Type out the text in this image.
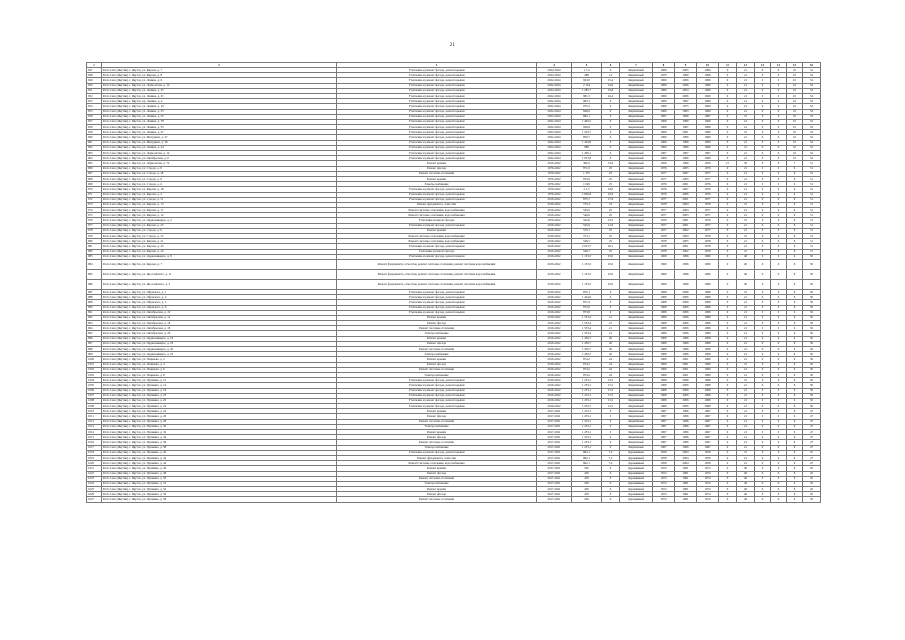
21
1	2	3	4	5	6	7	8	9	10	11	12	13	14	15	16
947	Респ.Саха (Якутия), г. Якутск, ул. Кирова, д. 7	Утепление и ремонт фасада, ремонт крыши	2022-2024	1 7,4	0	Кирпичный	1968	2005	1999	0	21	0	0	10	52
948	Респ.Саха (Якутия), г. Якутск, ул. Кирова, д. 8	Утепление и ремонт фасада, ремонт крыши	2022-2024	488	14	Кирпичный	1970	1999	1998	0	21	0	0	10	52
949	Респ.Саха (Якутия), г. Якутск, ул. Ленина, д. 6	Утепление и ремонт фасада, ремонт крыши	2022-2024	923,0	15,4	Кирпичный	1969	2006	1999	0	21	0	0	10	52
950	Респ.Саха (Якутия), г. Якутск, ул. Лермонтова, д. 14	Утепление и ремонт фасада, ремонт крыши	2022-2024	2 124	14,9	Кирпичный	1969	2006	1999	0	21	0	0	10	52
951	Респ.Саха (Якутия), г. Якутск, ул. Ленина, д. 25	Утепление и ремонт фасада, ремонт крыши	2022-2024	1 285,7	16,8	Кирпичный	1969	2004	1969	0	21	0	0	10	52
952	Респ.Саха (Якутия), г. Якутск, ул. Ленина, д. 31	Утепление и ремонт фасада, ремонт крыши	2022-2024	981,5	16,4	Кирпичный	1969	2006	1969	0	21	0	0	10	52
953	Респ.Саха (Якутия), г. Якутск, пр. Ленина, д. 4	Утепление и ремонт фасада, ремонт крыши	2022-2024	983,1	0	Кирпичный	1969	1997	1969	0	21	0	0	10	52
954	Респ.Саха (Якутия), г. Якутск, ул. Ленина, д. 10	Утепление и ремонт фасада, ремонт крыши	2022-2024	975,2	0	Кирпичный	1969	1975	1969	0	21	0	0	10	52
955	Респ.Саха (Якутия), г. Якутск, ул. Ленина, д. 35	Утепление и ремонт фасада, ремонт крыши	2022-2024	846,0	0	Кирпичный	1969	1993	1969	0	21	0	0	10	52
956	Респ.Саха (Якутия), г. Якутск, ул. Ленина, д. 52	Утепление и ремонт фасада, ремонт крыши	2022-2024	862,1	0	Кирпичный	1967	1966	1967	0	21	0	0	10	52
957	Респ.Саха (Якутия), г. Якутск, ул. Ленина, д. 78	Утепление и ремонт фасада, ремонт крыши	2022-2024	1 493,2	0	Кирпичный	1969	1999	1969	0	21	0	0	10	52
958	Респ.Саха (Якутия), г. Якутск, ул. Ленина, д. 35	Утепление и ремонт фасада, ремонт крыши	2022-2024	926,8	0	Кирпичный	1968	1997	1968	0	21	0	0	10	52
959	Респ.Саха (Якутия), г. Якутск, ул. Ленина, д. 47	Утепление и ремонт фасада, ремонт крыши	2022-2024	1 453,7	0	Кирпичный	1969	2001	1969	0	21	0	0	10	52
960	Респ.Саха (Якутия), г. Якутск, ул. Мичурина, д. 47	Утепление и ремонт фасада, ремонт крыши	2022-2024	856,7	0	Кирпичный	1969	1996	1969	0	21	0	0	10	52
961	Респ.Саха (Якутия), г. Якутск, ул. Мичурина, д. 36	Утепление и ремонт фасада, ремонт крыши	2022-2024	1 324,8	0	Кирпичный	1969	1996	1969	0	21	0	0	10	52
962	Респ.Саха (Якутия), г. Якутск, ул. Ленина, д. 44	Утепление и ремонт фасада, ремонт крыши	2022-2024	988	0	Кирпичный	1969	1996	1969	0	21	0	0	10	52
963	Респ.Саха (Якутия), г. Якутск, ул. Лермонтова, д. 14	Утепление и ремонт фасада, ремонт крыши	2022-2024	1 299,1	0	Кирпичный	1967	1997	1967	0	21	0	0	10	52
964	Респ.Саха (Якутия), г. Якутск, ул. Октябрьская, д. 6	Утепление и ремонт фасада, ремонт крыши	2022-2024	1 053,8	0	Кирпичный	1969	1996	1969	0	21	0	0	10	52
965	Респ.Саха (Якутия), г. Якутск, ул. Лермонтова, д. 72	Ремонт крыши	2016-2022	309,2	13,6	Кирпичный	1959	1999	1959	15	30	0	0	7	51
966	Респ.Саха (Якутия), г. Якутск, ул. Строда, д. 9	Ремонт фасада	1976-2022	871,0	25	Кирпичный	1976	2005	1976	0	21	0	0	6	51
967	Респ.Саха (Якутия), г. Якутск, ул. Строда, д. 18	Ремонт системы отопления	1976-2022	1 337	25	Кирпичный	1977	2007	1977	0	21	0	0	6	51
968	Респ.Саха (Якутия), г. Якутск, ул. Строда, д. 6	Ремонт крыши	1976-2022	873,9	25	Кирпичный	1977	2005	1977	0	21	0	0	6	51
969	Респ.Саха (Якутия), г. Якутск, ул. Строда, д. 4	Электроснабжение	1976-2022	1 026	25	Кирпичный	1976	2001	1976	0	21	0	0	6	51
970	Респ.Саха (Якутия), г. Якутск, ул. Кирова, д. 18	Утепление и ремонт фасада, ремонт крыши	1976-2022	2 1,7	18,0	Кирпичный	1976	2007	1976	0	21	0	0	6	51
971	Респ.Саха (Якутия), г. Якутск, ул. Кирова, д. 2	Утепление и ремонт фасада, ремонт крыши	1976-2022	1 826,8	16,6	Кирпичный	1976	2006	1976	0	21	0	0	6	51
972	Респ.Саха (Якутия), г. Якутск, ул. Строда, д. 11	Утепление и ремонт фасада, ремонт крыши	2016-2022	875,7	17,6	Кирпичный	1977	2001	1977	0	21	0	0	6	51
973	Респ.Саха (Якутия), г. Якутск, ул. Кирова, д. 13	Ремонт фундамента, отмостки	2016-2022	575,4	23	Кирпичный	1978	2004	1978	0	21	0	0	6	51
974	Респ.Саха (Якутия), г. Якутск, ул. Кирова, д. 17	Ремонт системы отопления, водоснабжения	2016-2022	545,6	25	Кирпичный	1977	2004	1977	0	21	0	0	6	51
975	Респ.Саха (Якутия), г. Якутск, ул. Кирова, д. 12	Ремонт системы отопления, водоснабжения	2016-2022	546,6	25	Кирпичный	1977	2003	1977	0	21	0	0	6	51
976	Респ.Саха (Якутия), г. Якутск, ул. Орджоникидзе, д. 2	Утепление и ремонт фасада	1976-2022	545,6	12,5	Кирпичный	1976	2001	1976	0	21	0	0	6	51
977	Респ.Саха (Якутия), г. Якутск, ул. Кирова, д. 25	Утепление и ремонт фасада, ремонт крыши	2016-2022	545,6	21,6	Кирпичный	1977	2001	1977	0	21	0	0	6	51
978	Респ.Саха (Якутия), г. Якутск, ул. Строда, д. 6	Ремонт крыши	2016-2022	570,1	25	Кирпичный	1977	2002	1977	0	21	0	0	6	51
979	Респ.Саха (Якутия), г. Якутск, ул. Строда, д. 15	Ремонт системы отопления, водоснабжения	2016-2022	573,1	25	Кирпичный	1978	2004	1978	0	21	0	0	6	51
980	Респ.Саха (Якутия), г. Якутск, ул. Кирова, д. 21	Ремонт системы отопления, водоснабжения	2016-2022	546,5	25	Кирпичный	1978	2005	1978	0	21	0	0	6	51
981	Респ.Саха (Якутия), г. Якутск, ул. Кирова, д. 23	Утепление и ремонт фасада, ремонт крыши	2016-2022	2 013,7	20,1	Кирпичный	1978	2001	1978	0	21	0	0	6	51
982	Респ.Саха (Якутия), г. Якутск, ул. Кирова, д. 24	Утепление и ремонт фасада	2016-2022	546,7	25	Кирпичный	1978	2002	1978	0	21	0	0	6	51
983	Респ.Саха (Якутия), г. Якутск, ул. Орджоникидзе, д. 8	Утепление и ремонт фасада, ремонт крыши	2016-2022	1 153,3	25,0	Кирпичный	1969	1996	1969	0	40	0	0	6	50
984	Респ.Саха (Якутия), г. Якутск, ул. Кирова, д. 7	Ремонт фундамента, отмостки, ремонт системы отопления, ремонт системы водоснабжения	2016-2022	1 153,3	25,0	Кирпичный	1969	1996	1969	0	40	0	0	6	50
985	Респ.Саха (Якутия), г. Якутск, ул. Ярославского, д. 11	Ремонт фундамента, отмостки, ремонт системы отопления, ремонт системы водоснабжения	2016-2022	1 153,3	25,0	Кирпичный	1969	1996	1969	0	40	0	0	6	50
986	Респ.Саха (Якутия), г. Якутск, ул. Ярославского, д. 3	Ремонт фундамента, отмостки, ремонт системы отопления, ремонт системы водоснабжения	2016-2022	1 153,3	25,0	Кирпичный	1969	1996	1969	0	40	0	0	6	50
987	Респ.Саха (Якутия), г. Якутск, ул. Ойунского, д. 1	Утепление и ремонт фасада, ремонт крыши	2016-2022	870,1	0	Кирпичный	1968	2006	1968	0	21	0	0	6	50
988	Респ.Саха (Якутия), г. Якутск, ул. Ойунского, д. 4	Утепление и ремонт фасада, ремонт крыши	2016-2022	1 424,6	0	Кирпичный	1968	2006	1968	0	21	0	0	6	50
989	Респ.Саха (Якутия), г. Якутск, ул. Ойунского, д. 5	Утепление и ремонт фасада, ремонт крыши	2016-2022	871,9	0	Кирпичный	1968	2006	1968	0	21	0	0	6	50
990	Респ.Саха (Якутия), г. Якутск, ул. Ойунского, д. 6	Утепление и ремонт фасада, ремонт крыши	2016-2022	872,6	0	Кирпичный	1968	2006	1968	0	21	0	0	6	50
991	Респ.Саха (Якутия), г. Якутск, ул. Октябрьская, д. 10	Утепление и ремонт фасада, ремонт крыши	2016-2022	873,8	0	Кирпичный	1968	2006	1968	0	21	0	0	6	50
992	Респ.Саха (Якутия), г. Якутск, ул. Октябрьская, д. 14	Ремонт крыши	2016-2022	1 553,4	21	Кирпичный	1968	2006	1968	0	21	0	0	6	50
993	Респ.Саха (Якутия), г. Якутск, ул. Октябрьская, д. 16	Ремонт фасада	2016-2022	1 553,4	21	Кирпичный	1968	2006	1968	0	21	0	0	6	50
994	Респ.Саха (Якутия), г. Якутск, ул. Октябрьская, д. 18	Ремонт системы отопления	2016-2022	1 553,4	21	Кирпичный	1968	2006	1968	0	21	0	0	6	50
995	Респ.Саха (Якутия), г. Якутск, ул. Октябрьская, д. 20	Электроснабжение	2016-2022	1 553,4	21	Кирпичный	1968	2006	1968	0	21	0	0	6	50
996	Респ.Саха (Якутия), г. Якутск, ул. Орджоникидзе, д. 16	Ремонт крыши	2016-2022	1 459,7	20	Кирпичный	1968	1996	1968	0	21	0	0	6	50
997	Респ.Саха (Якутия), г. Якутск, ул. Орджоникидзе, д. 18	Ремонт фасада	2016-2022	1 459,7	20	Кирпичный	1968	1996	1968	0	21	0	0	6	50
998	Респ.Саха (Якутия), г. Якутск, ул. Орджоникидзе, д. 20	Ремонт системы отопления	2016-2022	1 459,7	20	Кирпичный	1968	1996	1968	0	21	0	0	6	50
999	Респ.Саха (Якутия), г. Якутск, ул. Орджоникидзе, д. 22	Электроснабжение	2016-2022	1 459,7	20	Кирпичный	1968	1996	1968	0	21	0	0	6	50
1000	Респ.Саха (Якутия), г. Якутск, ул. Пояркова, д. 2	Ремонт крыши	2016-2022	874,2	24	Кирпичный	1969	2001	1969	0	21	0	0	6	50
1001	Респ.Саха (Якутия), г. Якутск, ул. Пояркова, д. 4	Ремонт фасада	2016-2022	874,2	24	Кирпичный	1969	2001	1969	0	21	0	0	6	50
1002	Респ.Саха (Якутия), г. Якутск, ул. Пояркова, д. 6	Ремонт системы отопления	2016-2022	874,2	24	Кирпичный	1969	2001	1969	0	21	0	0	6	50
1003	Респ.Саха (Якутия), г. Якутск, ул. Пояркова, д. 8	Электроснабжение	2016-2022	874,2	24	Кирпичный	1969	2001	1969	0	21	0	0	6	50
1004	Респ.Саха (Якутия), г. Якутск, ул. Пушкина, д. 12	Утепление и ремонт фасада, ремонт крыши	2016-2022	1 253,1	15,5	Кирпичный	1968	2006	1968	0	21	0	0	6	50
1005	Респ.Саха (Якутия), г. Якутск, ул. Пушкина, д. 14	Утепление и ремонт фасада, ремонт крыши	2016-2022	1 253,1	15,5	Кирпичный	1968	2006	1968	0	21	0	0	6	50
1006	Респ.Саха (Якутия), г. Якутск, ул. Пушкина, д. 16	Утепление и ремонт фасада, ремонт крыши	2016-2022	1 253,1	15,5	Кирпичный	1968	2006	1968	0	21	0	0	6	50
1007	Респ.Саха (Якутия), г. Якутск, ул. Пушкина, д. 18	Утепление и ремонт фасада, ремонт крыши	2016-2022	1 253,1	15,5	Кирпичный	1968	2006	1968	0	21	0	0	6	50
1008	Респ.Саха (Якутия), г. Якутск, ул. Пушкина, д. 20	Утепление и ремонт фасада, ремонт крыши	2016-2022	1 253,1	15,5	Кирпичный	1968	2006	1968	0	21	0	0	6	50
1009	Респ.Саха (Якутия), г. Якутск, ул. Пушкина, д. 22	Утепление и ремонт фасада, ремонт крыши	2016-2022	1 253,1	15,5	Кирпичный	1968	2006	1968	0	21	0	0	6	50
1010	Респ.Саха (Якутия), г. Якутск, ул. Пушкина, д. 24	Ремонт крыши	2017-2021	1 253,1	0	Кирпичный	1967	1996	1967	0	21	0	0	6	47
1011	Респ.Саха (Якутия), г. Якутск, ул. Пушкина, д. 26	Ремонт фасада	2017-2021	1 253,1	0	Кирпичный	1967	1996	1967	0	21	0	0	6	47
1012	Респ.Саха (Якутия), г. Якутск, ул. Пушкина, д. 28	Ремонт системы отопления	2017-2021	1 253,1	0	Кирпичный	1967	1996	1967	0	21	0	0	6	47
1013	Респ.Саха (Якутия), г. Якутск, ул. Пушкина, д. 30	Электроснабжение	2017-2021	1 253,1	0	Кирпичный	1967	1996	1967	0	21	0	0	6	47
1014	Респ.Саха (Якутия), г. Якутск, ул. Пушкина, д. 32	Ремонт крыши	2017-2021	1 253,1	0	Кирпичный	1967	1996	1967	0	21	0	0	6	47
1015	Респ.Саха (Якутия), г. Якутск, ул. Пушкина, д. 34	Ремонт фасада	2017-2021	1 253,1	0	Кирпичный	1967	1996	1967	0	21	0	0	6	47
1016	Респ.Саха (Якутия), г. Якутск, ул. Пушкина, д. 36	Ремонт системы отопления	2017-2021	1 253,1	0	Кирпичный	1967	1996	1967	0	21	0	0	6	47
1017	Респ.Саха (Якутия), г. Якутск, ул. Пушкина, д. 38	Электроснабжение	2017-2021	1 253,1	0	Кирпичный	1967	1996	1967	0	21	0	0	6	47
1018	Респ.Саха (Якутия), г. Якутск, ул. Пушкина, д. 40	Утепление и ремонт фасада, ремонт крыши	2017-2021	862,1	7,2	Деревянный	1958	2004	1958	0	21	0	0	6	47
1019	Респ.Саха (Якутия), г. Якутск, ул. Пушкина, д. 42	Ремонт фундамента, отмостки	2017-2021	862,1	7,2	Деревянный	1958	2004	1958	0	21	0	0	6	47
1020	Респ.Саха (Якутия), г. Якутск, ул. Пушкина, д. 44	Ремонт системы отопления, водоснабжения	2017-2021	862,1	7,2	Деревянный	1958	2004	1958	0	21	0	0	6	47
1021	Респ.Саха (Якутия), г. Якутск, ул. Пушкина, д. 46	Ремонт крыши	2017-2021	456	0	Деревянный	1974	1961	1974	0	40	0	0	6	45
1022	Респ.Саха (Якутия), г. Якутск, ул. Пушкина, д. 48	Ремонт фасада	2017-2021	456	0	Деревянный	1974	1961	1974	0	40	0	0	6	45
1023	Респ.Саха (Якутия), г. Якутск, ул. Пушкина, д. 50	Ремонт системы отопления	2017-2021	456	0	Деревянный	1974	1961	1974	0	40	0	0	6	45
1024	Респ.Саха (Якутия), г. Якутск, ул. Пушкина, д. 52	Электроснабжение	2017-2021	456	0	Деревянный	1974	1961	1974	0	40	0	0	6	45
1025	Респ.Саха (Якутия), г. Якутск, ул. Пушкина, д. 54	Ремонт крыши	2017-2021	456	0	Деревянный	1974	1961	1974	0	40	0	0	6	45
1026	Респ.Саха (Якутия), г. Якутск, ул. Пушкина, д. 56	Ремонт фасада	2017-2021	456	0	Деревянный	1974	1961	1974	0	40	0	0	6	45
1027	Респ.Саха (Якутия), г. Якутск, ул. Пушкина, д. 58	Ремонт системы отопления	2017-2021	456	0	Деревянный	1974	1961	1974	0	40	0	0	6	45
